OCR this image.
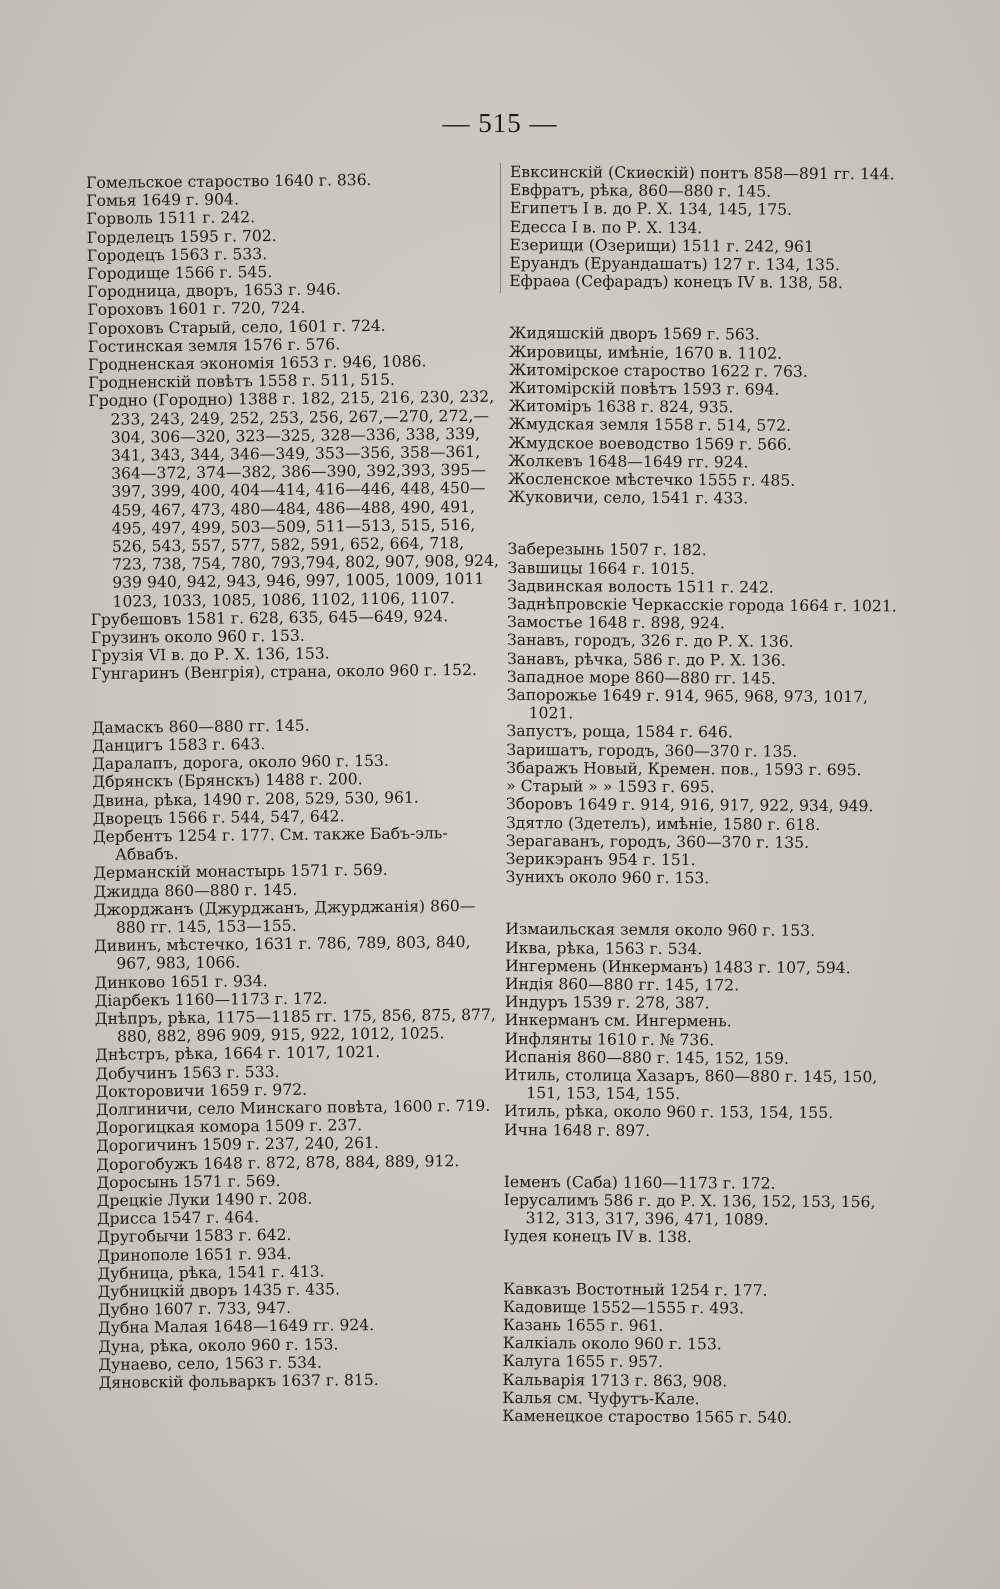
— 515 —

Гомельское староство 1640 г. 836.

Гомья 1649 г. 904.

Горволь 1511 г. 242.

Горделецъ 1595 г. 702.

Городецъ 1563 г. 533.

Городище 1566 г. 545.

Городница, дворъ, 1653 г. 946.

Гороховъ 1601 г. 720, 724.

Гороховъ Старый, село, 1601 г. 724.

Гостинская земля 1576 г. 576.

Гродненская экономія 1653 г. 946, 1086.

Гродненскій повѣтъ 1558 г. 511, 515.

Гродно (Городно) 1388 г. 182, 215, 216, 230, 232, 233, 243, 249, 252, 253, 256, 267,—270, 272,—304, 306—320, 323—325, 328—336, 338, 339, 341, 343, 344, 346—349, 353—356, 358—361, 364—372, 374—382, 386—390, 392,393, 395—397, 399, 400, 404—414, 416—446, 448, 450—459, 467, 473, 480—484, 486—488, 490, 491, 495, 497, 499, 503—509, 511—513, 515, 516, 526, 543, 557, 577, 582, 591, 652, 664, 718, 723, 738, 754, 780, 793,794, 802, 907, 908, 924, 939 940, 942, 943, 946, 997, 1005, 1009, 1011 1023, 1033, 1085, 1086, 1102, 1106, 1107.

Грубешовъ 1581 г. 628, 635, 645—649, 924.

Грузинъ около 960 г. 153.

Грузія VI в. до Р. Х. 136, 153.

Гунгаринъ (Венгрія), страна, около 960 г. 152.

Дамаскъ 860—880 гг. 145.

Данцигъ 1583 г. 643.

Даралапъ, дорога, около 960 г. 153.

Дбрянскъ (Брянскъ) 1488 г. 200.

Двина, рѣка, 1490 г. 208, 529, 530, 961.

Дворецъ 1566 г. 544, 547, 642.

Дербентъ 1254 г. 177. См. также Бабъ-эль-Абвабъ.

Дерманскій монастырь 1571 г. 569.

Джидда 860—880 г. 145.

Джорджанъ (Джурджанъ, Джурджанія) 860—880 гг. 145, 153—155.

Дивинъ, мѣстечко, 1631 г. 786, 789, 803, 840, 967, 983, 1066.

Динково 1651 г. 934.

Діарбекъ 1160—1173 г. 172.

Днѣпръ, рѣка, 1175—1185 гг. 175, 856, 875, 877, 880, 882, 896 909, 915, 922, 1012, 1025.

Днѣстръ, рѣка, 1664 г. 1017, 1021.

Добучинъ 1563 г. 533.

Докторовичи 1659 г. 972.

Долгиничи, село Минскаго повѣта, 1600 г. 719.

Дорогицкая комора 1509 г. 237.

Дорогичинъ 1509 г. 237, 240, 261.

Дорогобужъ 1648 г. 872, 878, 884, 889, 912.

Доросынь 1571 г. 569.

Дрецкіе Луки 1490 г. 208.

Дрисса 1547 г. 464.

Другобычи 1583 г. 642.

Дринополе 1651 г. 934.

Дубница, рѣка, 1541 г. 413.

Дубницкій дворъ 1435 г. 435.

Дубно 1607 г. 733, 947.

Дубна Малая 1648—1649 гг. 924.

Дуна, рѣка, около 960 г. 153.

Дунаево, село, 1563 г. 534.

Дяновскій фольваркъ 1637 г. 815.

Евксинскій (Скиѳскій) понтъ 858—891 гг. 144.

Евфратъ, рѣка, 860—880 г. 145.

Египетъ I в. до Р. Х. 134, 145, 175.

Едесса I в. по Р. Х. 134.

Езерищи (Озерищи) 1511 г. 242, 961

Еруандъ (Еруандашатъ) 127 г. 134, 135.

Ефраѳа (Сефарадъ) конецъ IV в. 138, 58.

Жидяшскій дворъ 1569 г. 563.

Жировицы, имѣніе, 1670 в. 1102.

Житомірское староство 1622 г. 763.

Житомірскій повѣтъ 1593 г. 694.

Житоміръ 1638 г. 824, 935.

Жмудская земля 1558 г. 514, 572.

Жмудское воеводство 1569 г. 566.

Жолкевъ 1648—1649 гг. 924.

Жосленское мѣстечко 1555 г. 485.

Жуковичи, село, 1541 г. 433.

Заберезынь 1507 г. 182.

Завшицы 1664 г. 1015.

Задвинская волость 1511 г. 242.

Заднѣпровскіе Черкасскіе города 1664 г. 1021.

Замостье 1648 г. 898, 924.

Занавъ, городъ, 326 г. до Р. Х. 136.

Занавъ, рѣчка, 586 г. до Р. Х. 136.

Западное море 860—880 гг. 145.

Запорожье 1649 г. 914, 965, 968, 973, 1017, 1021.

Запустъ, роща, 1584 г. 646.

Заришатъ, городъ, 360—370 г. 135.

Збаражъ Новый, Кремен. пов., 1593 г. 695.

» Старый » » 1593 г. 695.

Зборовъ 1649 г. 914, 916, 917, 922, 934, 949.

Здятло (Здетелъ), имѣніе, 1580 г. 618.

Зерагаванъ, городъ, 360—370 г. 135.

Зерикэранъ 954 г. 151.

Зунихъ около 960 г. 153.

Измаильская земля около 960 г. 153.

Иква, рѣка, 1563 г. 534.

Ингермень (Инкерманъ) 1483 г. 107, 594.

Индія 860—880 гг. 145, 172.

Индуръ 1539 г. 278, 387.

Инкерманъ см. Ингермень.

Инфлянты 1610 г. № 736.

Испанія 860—880 г. 145, 152, 159.

Итиль, столица Хазаръ, 860—880 г. 145, 150, 151, 153, 154, 155.

Итиль, рѣка, около 960 г. 153, 154, 155.

Ична 1648 г. 897.

Іеменъ (Саба) 1160—1173 г. 172.

Іерусалимъ 586 г. до Р. Х. 136, 152, 153, 156, 312, 313, 317, 396, 471, 1089.

Іудея конецъ IV в. 138.

Кавказъ Востотный 1254 г. 177.

Кадовище 1552—1555 г. 493.

Казань 1655 г. 961.

Калкіаль около 960 г. 153.

Калуга 1655 г. 957.

Кальварія 1713 г. 863, 908.

Калья см. Чуфутъ-Кале.

Каменецкое староство 1565 г. 540.
